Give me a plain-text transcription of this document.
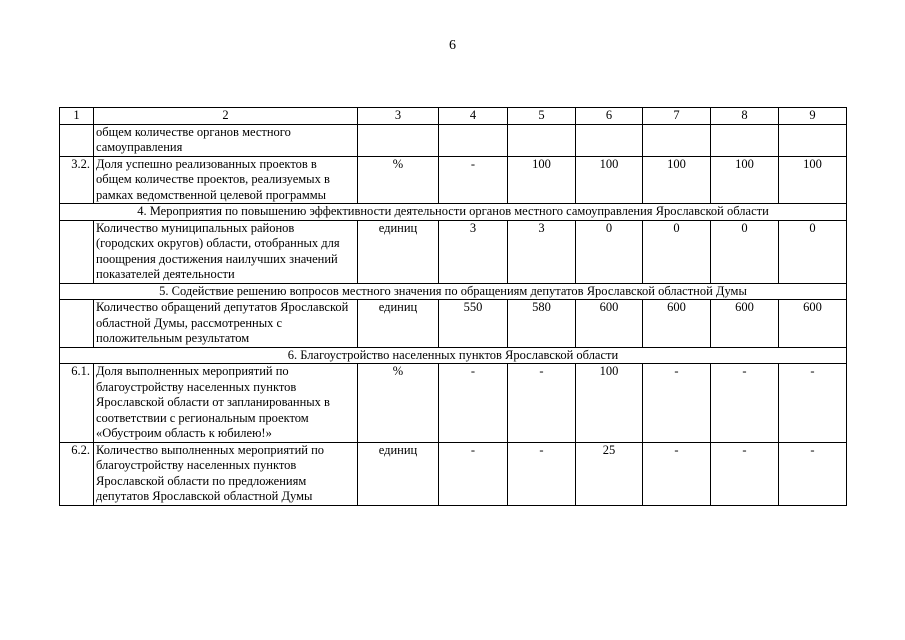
6
1	2	3	4	5	6	7	8	9
	общем количестве органов местного самоуправления							
3.2.	Доля успешно реализованных проектов в общем количестве проектов, реализуемых в рамках ведомственной целевой программы	%	-	100	100	100	100	100
4. Мероприятия по повышению эффективности деятельности органов местного самоуправления Ярославской области								
	Количество муниципальных районов (городских округов) области, отобранных для поощрения достижения наилучших значений показателей деятельности	единиц	3	3	0	0	0	0
5. Содействие решению вопросов местного значения по обращениям депутатов Ярославской областной Думы								
	Количество обращений депутатов Ярославской областной Думы, рассмотренных с положительным результатом	единиц	550	580	600	600	600	600
6. Благоустройство населенных пунктов Ярославской области								
6.1.	Доля выполненных мероприятий по благоустройству населенных пунктов Ярославской области от запланированных в соответствии с региональным проектом «Обустроим область к юбилею!»	%	-	-	100	-	-	-
6.2.	Количество выполненных мероприятий по благоустройству населенных пунктов Ярославской области по предложениям депутатов Ярославской областной Думы	единиц	-	-	25	-	-	-
